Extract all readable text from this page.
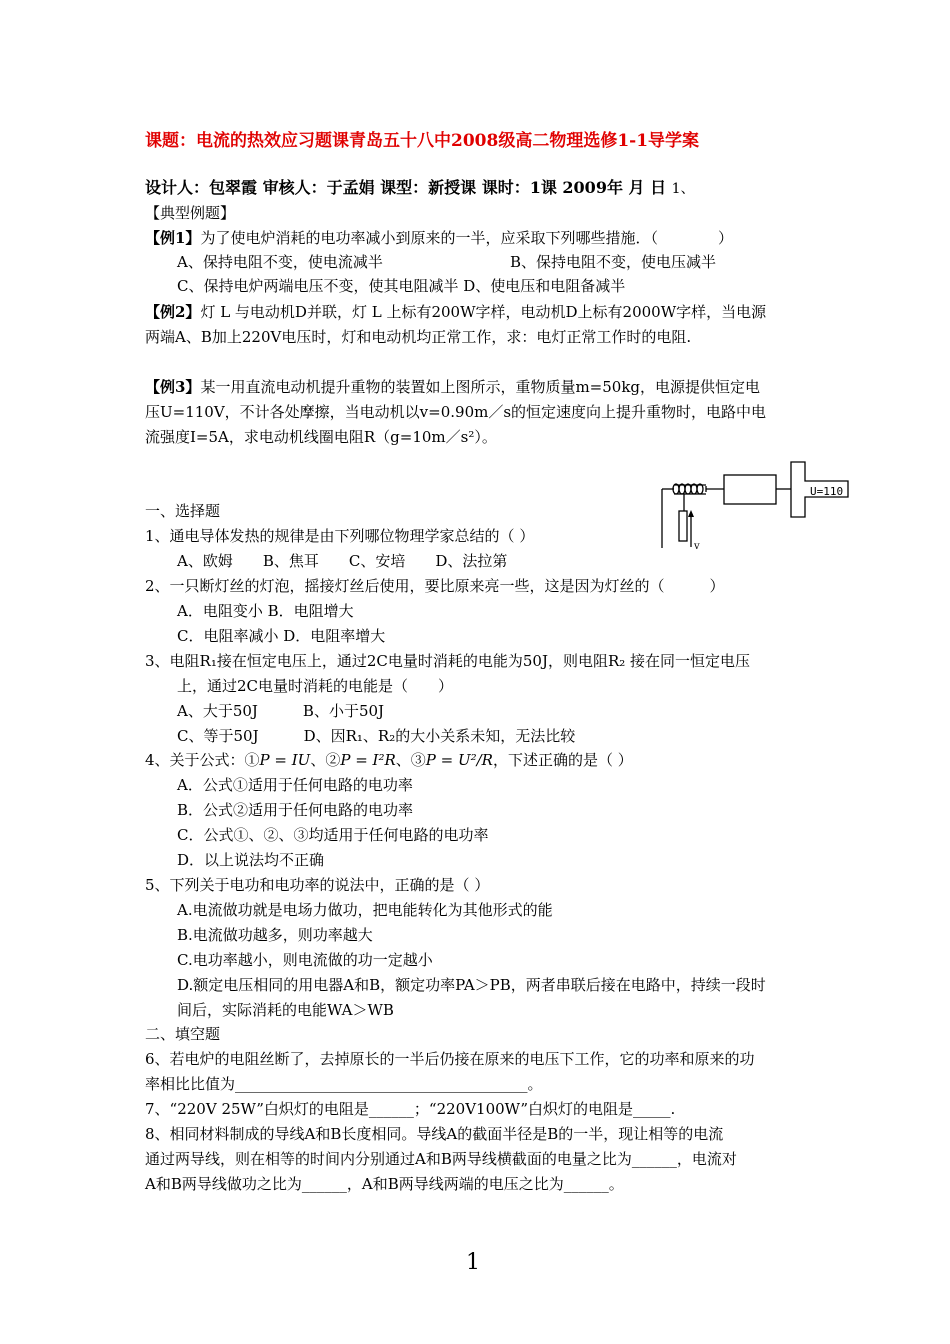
课题：电流的热效应习题课青岛五十八中2008级高二物理选修1-1导学案
设计人：包翠霞 审核人：于孟娟 课型：新授课 课时：1课 2009年 月 日 1、
【典型例题】
【例1】为了使电炉消耗的电功率减小到原来的一半，应采取下列哪些措施．（　　　　）
A、保持电阻不变，使电流减半	B、保持电阻不变，使电压减半
C、保持电炉两端电压不变，使其电阻减半 D、使电压和电阻备减半
【例2】灯 L 与电动机D并联，灯 L 上标有200W字样，电动机D上标有2000W字样，当电源
两端A、B加上220V电压时，灯和电动机均正常工作，求：电灯正常工作时的电阻.
【例3】某一用直流电动机提升重物的装置如上图所示，重物质量m=50kg，电源提供恒定电
压U=110V，不计各处摩擦，当电动机以v=0.90m／s的恒定速度向上提升重物时，电路中电
流强度I=5A，求电动机线圈电阻R（g=10m／s²）。
U=110
v
一、选择题
1、通电导体发热的规律是由下列哪位物理学家总结的（ ）
A、欧姆　　B、焦耳　　C、安培　　D、法拉第
2、一只断灯丝的灯泡，摇接灯丝后使用，要比原来亮一些，这是因为灯丝的（　　　）
A．电阻变小 B．电阻增大
C．电阻率减小 D．电阻率增大
3、电阻R₁接在恒定电压上，通过2C电量时消耗的电能为50J，则电阻R₂ 接在同一恒定电压
上，通过2C电量时消耗的电能是（　　）
A、大于50J　　　B、小于50J
C、等于50J　　　D、因R₁、R₂的大小关系未知，无法比较
4、关于公式：①P = IU、②P = I²R、③P = U²/R，下述正确的是（ ）
A．公式①适用于任何电路的电功率
B．公式②适用于任何电路的电功率
C．公式①、②、③均适用于任何电路的电功率
D．以上说法均不正确
5、下列关于电功和电功率的说法中，正确的是（ ）
A.电流做功就是电场力做功，把电能转化为其他形式的能
B.电流做功越多，则功率越大
C.电功率越小，则电流做的功一定越小
D.额定电压相同的用电器A和B，额定功率PA＞PB，两者串联后接在电路中，持续一段时
间后，实际消耗的电能WA＞WB
二、填空题
6、若电炉的电阻丝断了，去掉原长的一半后仍接在原来的电压下工作，它的功率和原来的功
率相比比值为_______________________________________。
7、“220V 25W”白炽灯的电阻是______；“220V100W”白炽灯的电阻是_____.
8、相同材料制成的导线A和B长度相同。导线A的截面半径是B的一半，现让相等的电流
通过两导线，则在相等的时间内分别通过A和B两导线横截面的电量之比为______，电流对
A和B两导线做功之比为______，A和B两导线两端的电压之比为______。
1
